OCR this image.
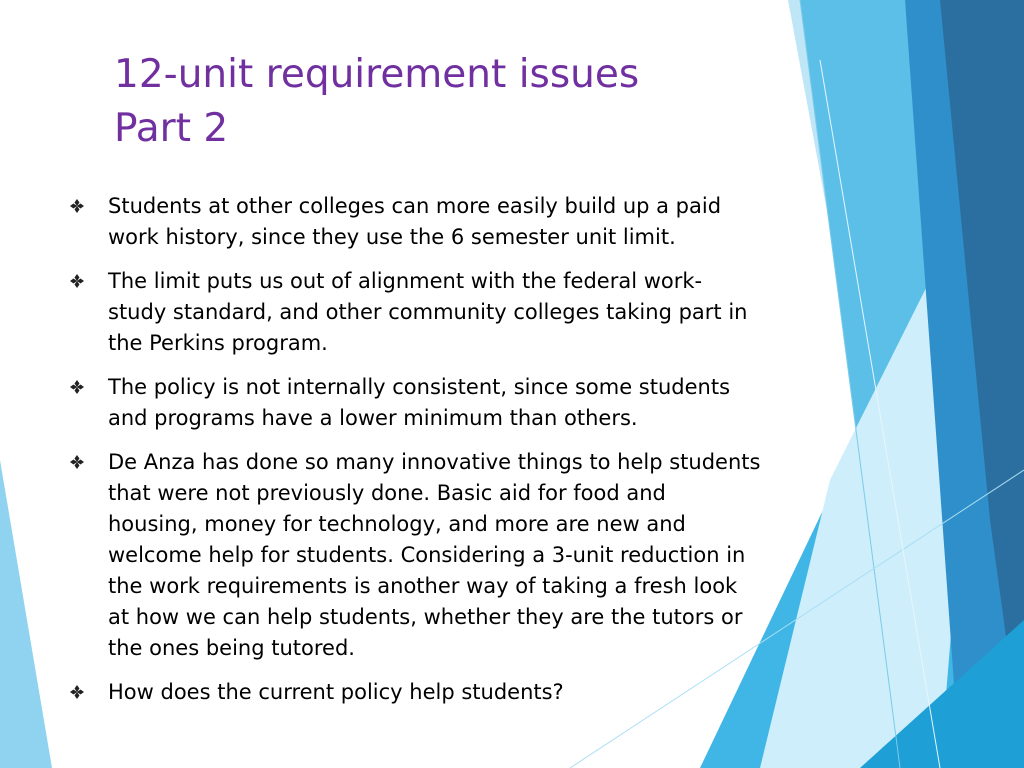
12-unit requirement issues
Part 2
Students at other colleges can more easily build up a paid
work history, since they use the 6 semester unit limit.
The limit puts us out of alignment with the federal work-
study standard, and other community colleges taking part in
the Perkins program.
The policy is not internally consistent, since some students
and programs have a lower minimum than others.
De Anza has done so many innovative things to help students
that were not previously done. Basic aid for food and
housing, money for technology, and more are new and
welcome help for students. Considering a 3-unit reduction in
the work requirements is another way of taking a fresh look
at how we can help students, whether they are the tutors or
the ones being tutored.
How does the current policy help students?
